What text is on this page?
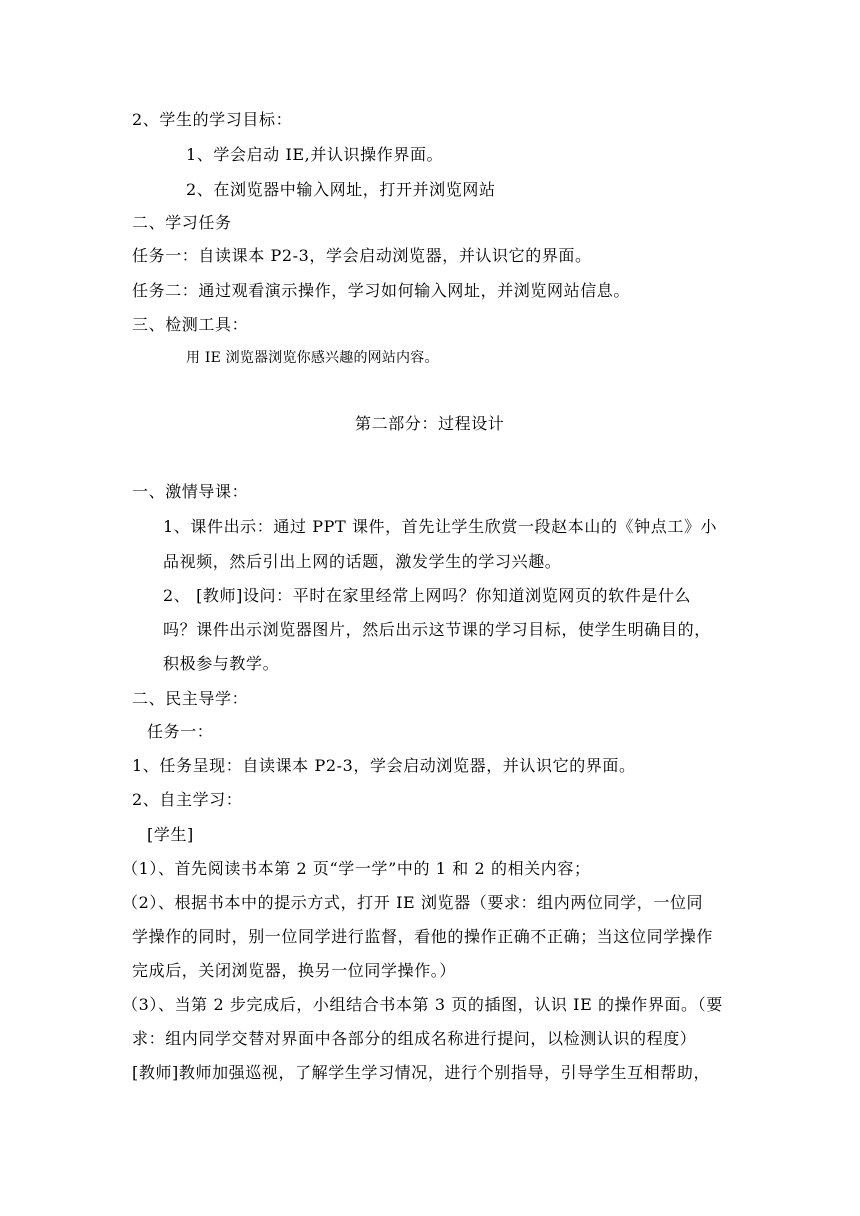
2、学生的学习目标：
1、学会启动 IE,并认识操作界面。
2、在浏览器中输入网址，打开并浏览网站
二、学习任务
任务一：自读课本 P2-3，学会启动浏览器，并认识它的界面。
任务二：通过观看演示操作，学习如何输入网址，并浏览网站信息。
三、检测工具：
用 IE 浏览器浏览你感兴趣的网站内容。
第二部分：过程设计
一、激情导课：
1、课件出示：通过 PPT 课件，首先让学生欣赏一段赵本山的《钟点工》小
品视频，然后引出上网的话题，激发学生的学习兴趣。
2、 [教师]设问：平时在家里经常上网吗？你知道浏览网页的软件是什么
吗？课件出示浏览器图片，然后出示这节课的学习目标，使学生明确目的，
积极参与教学。
二、民主导学：
任务一：
1、任务呈现：自读课本 P2-3，学会启动浏览器，并认识它的界面。
2、自主学习：
[学生]
（1）、首先阅读书本第 2 页“学一学”中的 1 和 2 的相关内容；
（2）、根据书本中的提示方式，打开 IE 浏览器（要求：组内两位同学，一位同
学操作的同时，别一位同学进行监督，看他的操作正确不正确；当这位同学操作
完成后，关闭浏览器，换另一位同学操作。）
（3）、当第 2 步完成后，小组结合书本第 3 页的插图，认识 IE 的操作界面。（要
求：组内同学交替对界面中各部分的组成名称进行提问，以检测认识的程度）
[教师]教师加强巡视，了解学生学习情况，进行个别指导，引导学生互相帮助，
